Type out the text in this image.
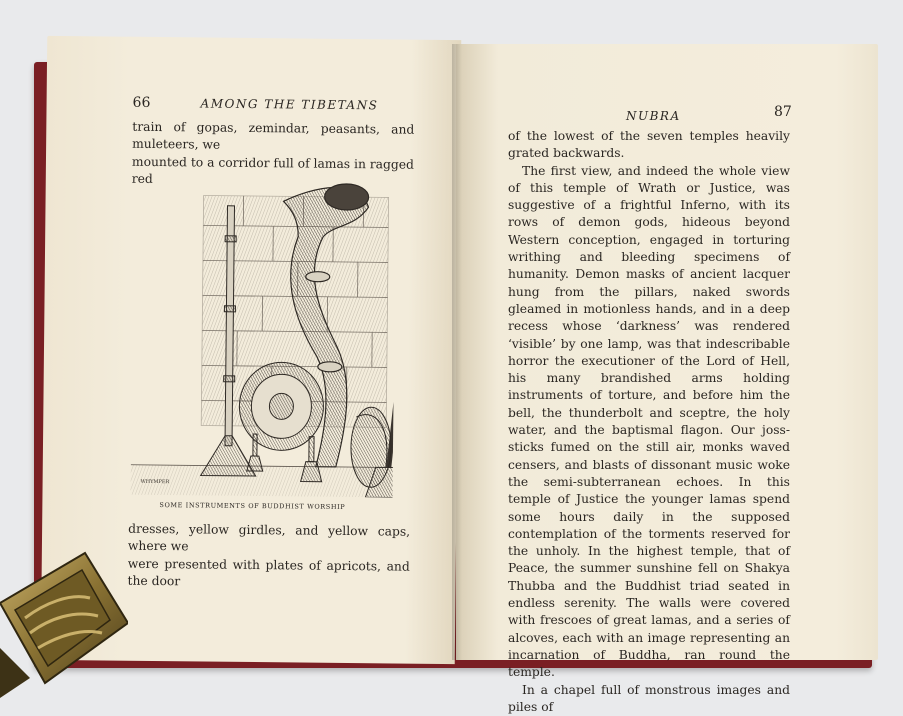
66	AMONG THE TIBETANS
train of gopas, zemindar, peasants, and muleteers, we
mounted to a corridor full of lamas in ragged red
WHYMPER
SOME INSTRUMENTS OF BUDDHIST WORSHIP
dresses, yellow girdles, and yellow caps, where we
were presented with plates of apricots, and the door
NUBRA	87

of the lowest of the seven temples heavily grated backwards.

The first view, and indeed the whole view of this temple of Wrath or Justice, was suggestive of a frightful Inferno, with its rows of demon gods, hideous beyond Western conception, engaged in torturing writhing and bleeding specimens of humanity. Demon masks of ancient lacquer hung from the pillars, naked swords gleamed in motionless hands, and in a deep recess whose ‘darkness’ was rendered ‘visible’ by one lamp, was that indescribable horror the executioner of the Lord of Hell, his many brandished arms holding instruments of torture, and before him the bell, the thunderbolt and sceptre, the holy water, and the baptismal flagon. Our joss-sticks fumed on the still air, monks waved censers, and blasts of dissonant music woke the semi-subterranean echoes. In this temple of Justice the younger lamas spend some hours daily in the supposed contemplation of the torments reserved for the unholy. In the highest temple, that of Peace, the summer sunshine fell on Shakya Thubba and the Buddhist triad seated in endless serenity. The walls were covered with frescoes of great lamas, and a series of alcoves, each with an image representing an incarnation of Buddha, ran round the temple.

In a chapel full of monstrous images and piles of
